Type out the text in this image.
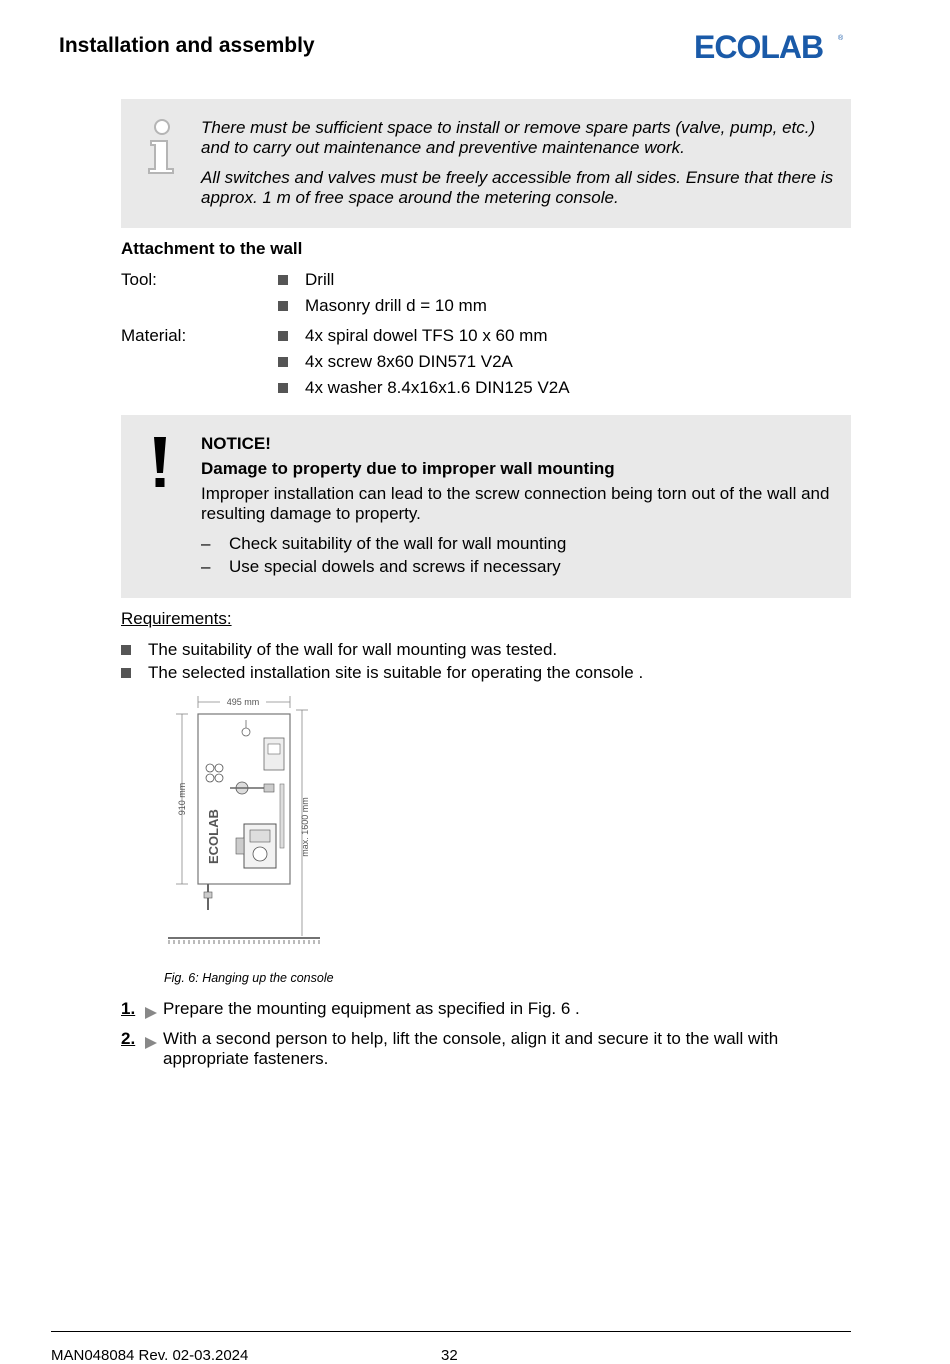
Installation and assembly	ECOLAB ®
There must be sufficient space to install or remove spare parts (valve, pump, etc.) and to carry out maintenance and preventive maintenance work.
All switches and valves must be freely accessible from all sides. Ensure that there is approx. 1 m of free space around the metering console.
Attachment to the wall
Tool:	Drill
Masonry drill d = 10 mm
Material:	4x spiral dowel TFS 10 x 60 mm
4x screw 8x60 DIN571 V2A
4x washer 8.4x16x1.6 DIN125 V2A
NOTICE!
Damage to property due to improper wall mounting
Improper installation can lead to the screw connection being torn out of the wall and resulting damage to property.
– Check suitability of the wall for wall mounting
– Use special dowels and screws if necessary
Requirements:
The suitability of the wall for wall mounting was tested.
The selected installation site is suitable for operating the console .
495 mm
910 mm	max. 1600 mm
ECOLAB
Fig. 6: Hanging up the console
1. Prepare the mounting equipment as specified in Fig. 6 .
2. With a second person to help, lift the console, align it and secure it to the wall with appropriate fasteners.
MAN048084 Rev. 02-03.2024	32
